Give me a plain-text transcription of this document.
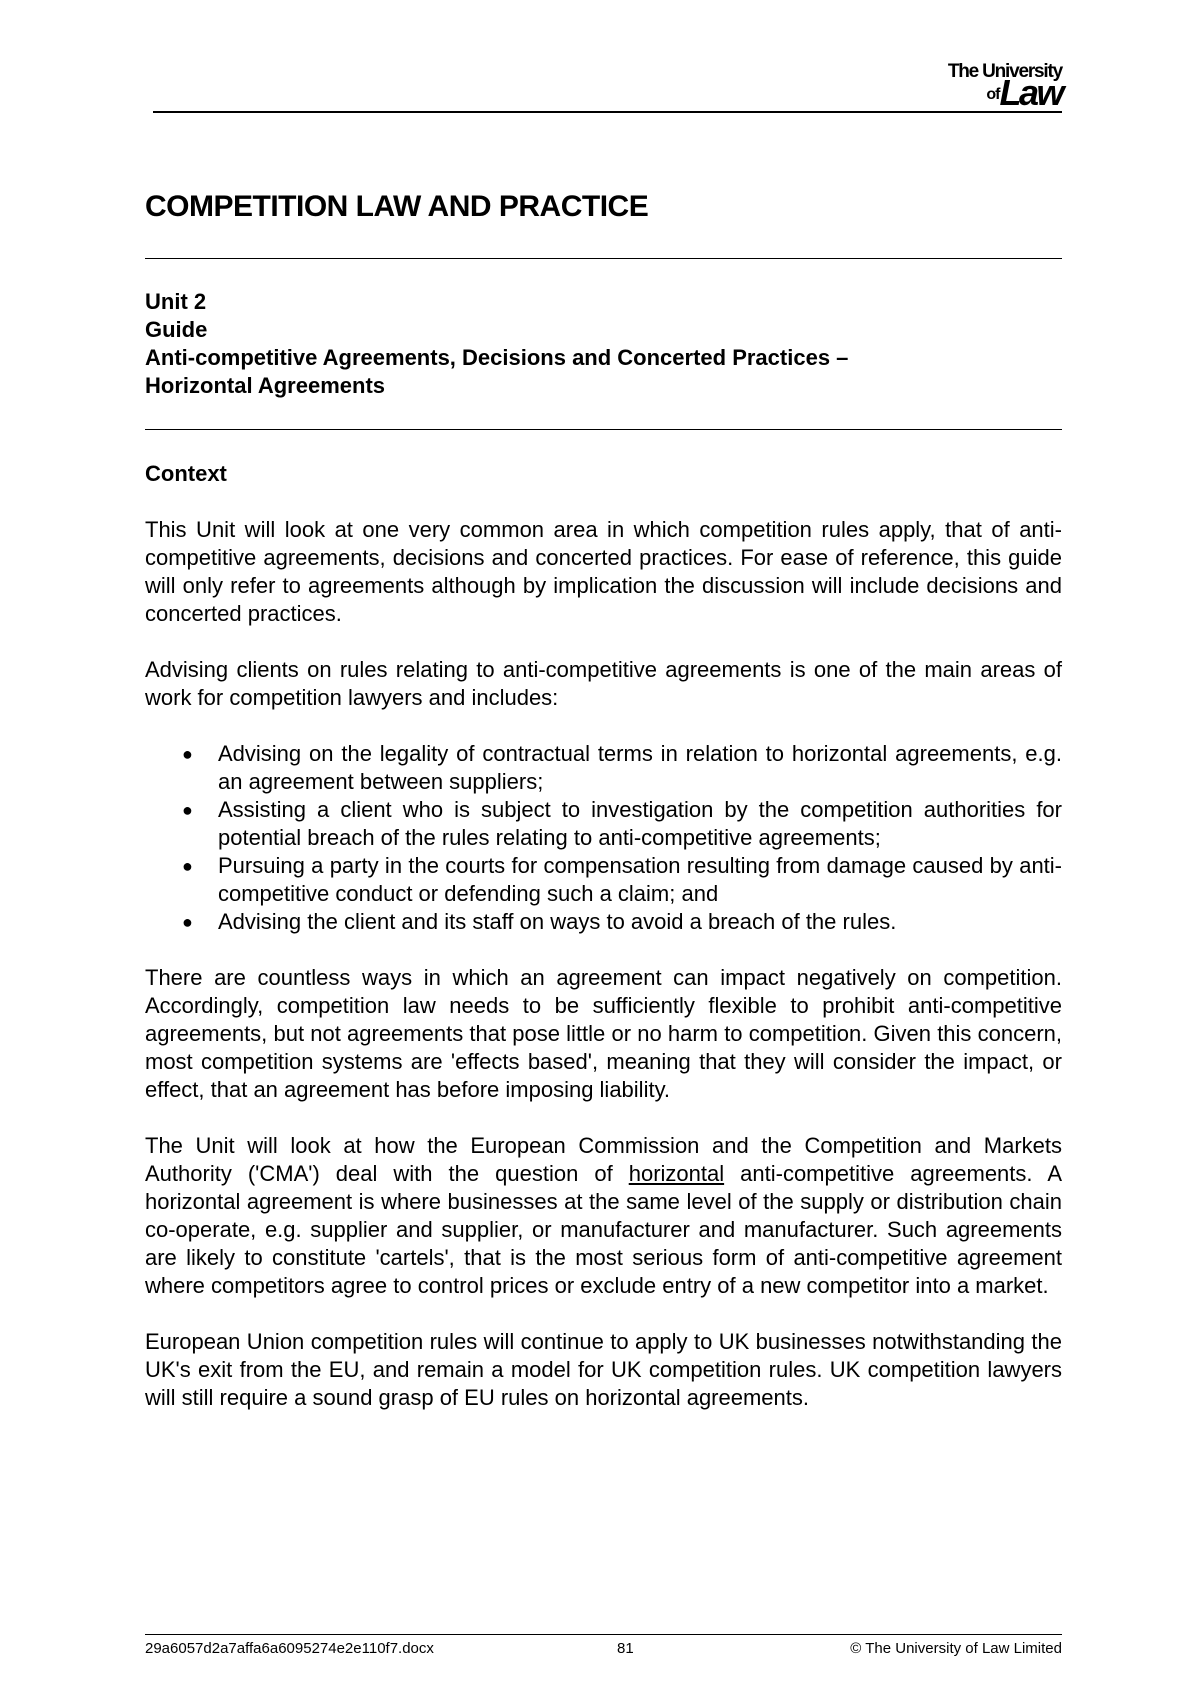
The University
ofLaw
COMPETITION LAW AND PRACTICE
Unit 2
Guide
Anti-competitive Agreements, Decisions and Concerted Practices –
Horizontal Agreements
Context

This Unit will look at one very common area in which competition rules apply, that of anti-competitive agreements, decisions and concerted practices. For ease of reference, this guide will only refer to agreements although by implication the discussion will include decisions and concerted practices.

Advising clients on rules relating to anti-competitive agreements is one of the main areas of work for competition lawyers and includes:

● Advising on the legality of contractual terms in relation to horizontal agreements, e.g. an agreement between suppliers;
● Assisting a client who is subject to investigation by the competition authorities for potential breach of the rules relating to anti-competitive agreements;
● Pursuing a party in the courts for compensation resulting from damage caused by anti-competitive conduct or defending such a claim; and
● Advising the client and its staff on ways to avoid a breach of the rules.

There are countless ways in which an agreement can impact negatively on competition. Accordingly, competition law needs to be sufficiently flexible to prohibit anti-competitive agreements, but not agreements that pose little or no harm to competition. Given this concern, most competition systems are 'effects based', meaning that they will consider the impact, or effect, that an agreement has before imposing liability.

The Unit will look at how the European Commission and the Competition and Markets Authority ('CMA') deal with the question of horizontal anti-competitive agreements. A horizontal agreement is where businesses at the same level of the supply or distribution chain co-operate, e.g. supplier and supplier, or manufacturer and manufacturer. Such agreements are likely to constitute 'cartels', that is the most serious form of anti-competitive agreement where competitors agree to control prices or exclude entry of a new competitor into a market.

European Union competition rules will continue to apply to UK businesses notwithstanding the UK's exit from the EU, and remain a model for UK competition rules. UK competition lawyers will still require a sound grasp of EU rules on horizontal agreements.

29a6057d2a7affa6a6095274e2e110f7.docx	81	© The University of Law Limited
